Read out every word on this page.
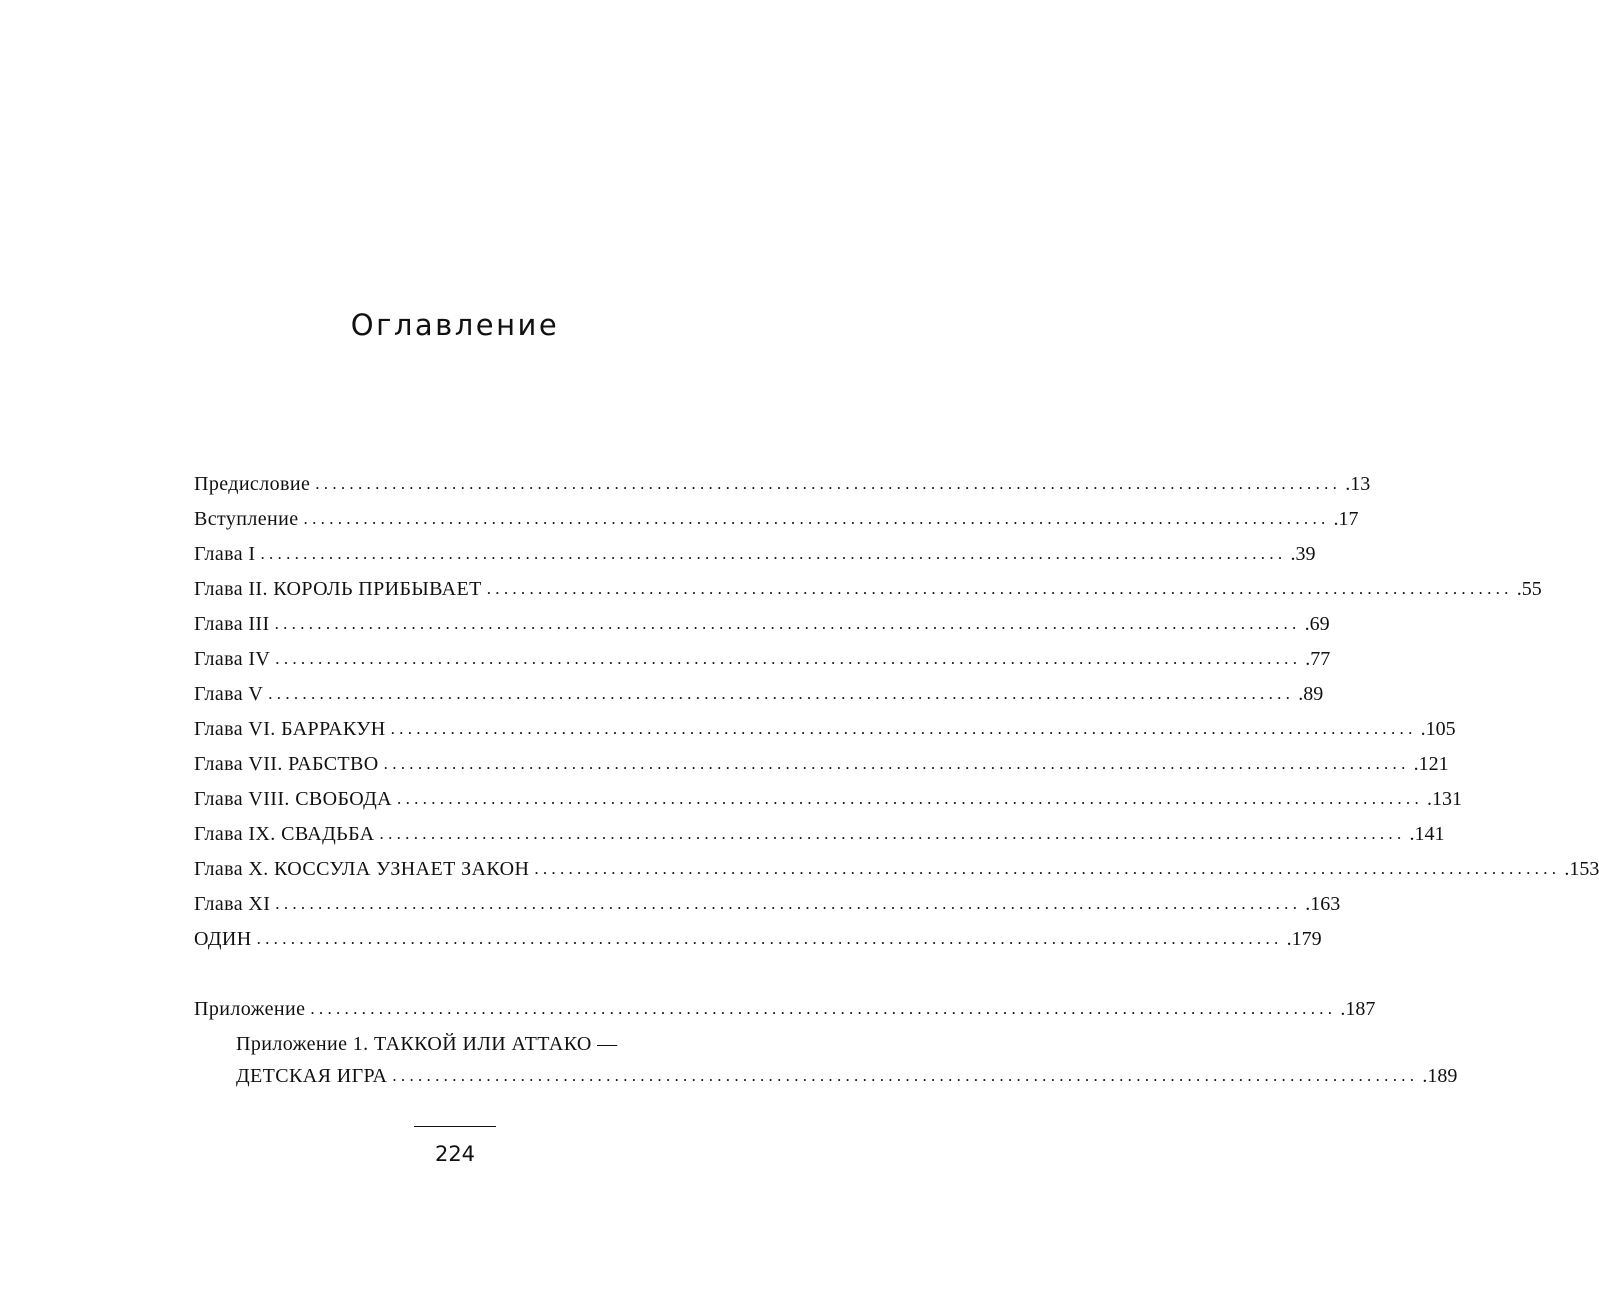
Оглавление
Предисловие ........................................................................................................................ .13
Вступление ........................................................................................................................ .17
Глава I ........................................................................................................................ .39
Глава II. КОРОЛЬ ПРИБЫВАЕТ ........................................................................................................................ .55
Глава III ........................................................................................................................ .69
Глава IV ........................................................................................................................ .77
Глава V ........................................................................................................................ .89
Глава VI. БАРРАКУН ........................................................................................................................ .105
Глава VII. РАБСТВО ........................................................................................................................ .121
Глава VIII. СВОБОДА ........................................................................................................................ .131
Глава IX. СВАДЬБА ........................................................................................................................ .141
Глава X. КОССУЛА УЗНАЕТ ЗАКОН ........................................................................................................................ .153
Глава XI ........................................................................................................................ .163
ОДИН ........................................................................................................................ .179
Приложение ........................................................................................................................ .187
Приложение 1. ТАККОЙ ИЛИ АТТАКО —
ДЕТСКАЯ ИГРА ........................................................................................................................ .189
224
